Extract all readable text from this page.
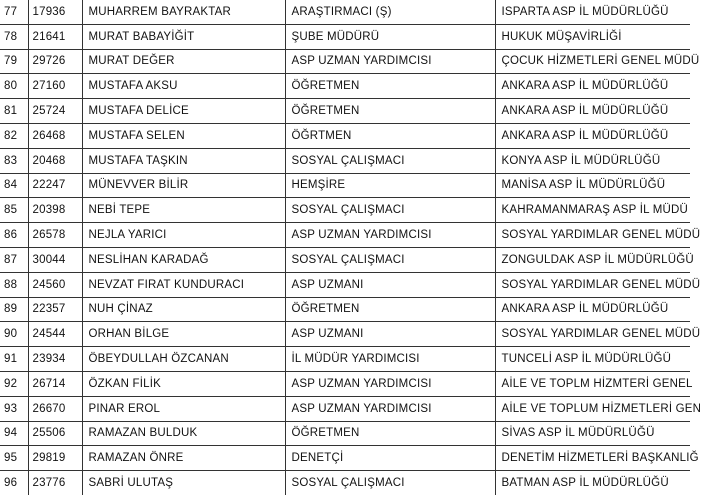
77	17936	MUHARREM BAYRAKTAR	ARAŞTIRMACI (Ş)	ISPARTA ASP İL MÜDÜRLÜĞÜ
78	21641	MURAT BABAYİĞİT	ŞUBE MÜDÜRÜ	HUKUK MÜŞAVİRLİĞİ
79	29726	MURAT DEĞER	ASP UZMAN YARDIMCISI	ÇOCUK HİZMETLERİ GENEL MÜDÜ
80	27160	MUSTAFA AKSU	ÖĞRETMEN	ANKARA ASP İL MÜDÜRLÜĞÜ
81	25724	MUSTAFA DELİCE	ÖĞRETMEN	ANKARA ASP İL MÜDÜRLÜĞÜ
82	26468	MUSTAFA SELEN	ÖĞRTMEN	ANKARA ASP İL MÜDÜRLÜĞÜ
83	20468	MUSTAFA TAŞKIN	SOSYAL ÇALIŞMACI	KONYA ASP İL MÜDÜRLÜĞÜ
84	22247	MÜNEVVER BİLİR	HEMŞİRE	MANİSA ASP İL MÜDÜRLÜĞÜ
85	20398	NEBİ TEPE	SOSYAL ÇALIŞMACI	KAHRAMANMARAŞ ASP İL MÜDÜ
86	26578	NEJLA YARICI	ASP UZMAN YARDIMCISI	SOSYAL YARDIMLAR GENEL MÜDÜ
87	30044	NESLİHAN KARADAĞ	SOSYAL ÇALIŞMACI	ZONGULDAK ASP İL MÜDÜRLÜĞÜ
88	24560	NEVZAT FIRAT KUNDURACI	ASP UZMANI	SOSYAL YARDIMLAR GENEL MÜDÜ
89	22357	NUH ÇİNAZ	ÖĞRETMEN	ANKARA ASP İL MÜDÜRLÜĞÜ
90	24544	ORHAN BİLGE	ASP UZMANI	SOSYAL YARDIMLAR GENEL MÜDÜ
91	23934	ÖBEYDULLAH ÖZCANAN	İL MÜDÜR YARDIMCISI	TUNCELİ ASP İL MÜDÜRLÜĞÜ
92	26714	ÖZKAN FİLİK	ASP UZMAN YARDIMCISI	AİLE VE TOPLM HİZMTERİ GENEL
93	26670	PINAR EROL	ASP UZMAN YARDIMCISI	AİLE VE TOPLUM HİZMETLERİ GEN
94	25506	RAMAZAN BULDUK	ÖĞRETMEN	SİVAS ASP İL MÜDÜRLÜĞÜ
95	29819	RAMAZAN ÖNRE	DENETÇİ	DENETİM HİZMETLERİ BAŞKANLIĞ
96	23776	SABRİ ULUTAŞ	SOSYAL ÇALIŞMACI	BATMAN ASP İL MÜDÜRLÜĞÜ
